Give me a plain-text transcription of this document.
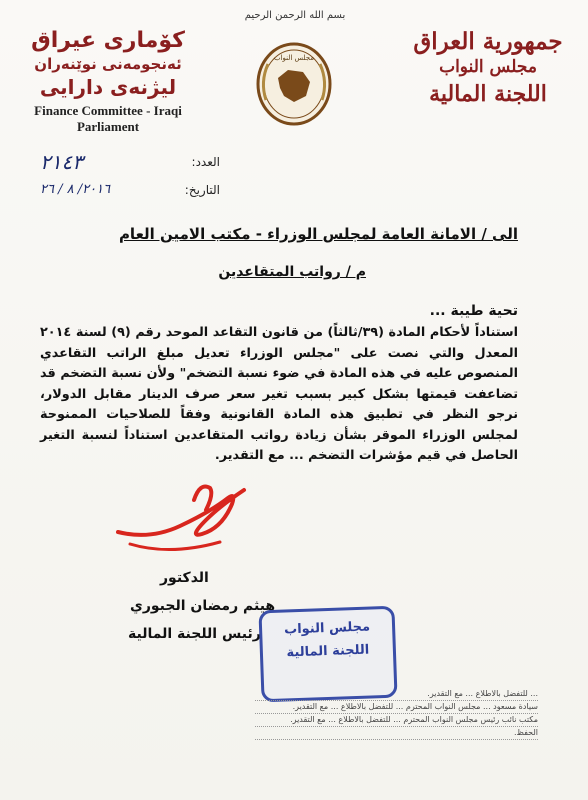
جمهورية العراق
مجلس النواب
اللجنة المالية
بسم الله الرحمن الرحيم
مجلس النواب
کۆماری عیراق
ئەنجومەنی نوێنەران
لیژنەی دارایی
Finance Committee - Iraqi
Parliament
٢١٤٣	العدد:
٢٠١٦/ ٨ / ٢٦	التاريخ:
الى / الامانة العامة لمجلس الوزراء - مكتب الامين العام
م / رواتب المتقاعدين
تحية طيبة ...
استناداً لأحكام المادة (٣٩/ثالثاً) من قانون التقاعد الموحد رقم (٩) لسنة ٢٠١٤ المعدل والتي نصت على "مجلس الوزراء تعديل مبلغ الراتب التقاعدي المنصوص عليه في هذه المادة في ضوء نسبة التضخم" ولأن نسبة التضخم قد تضاعفت قيمتها بشكل كبير بسبب تغير سعر صرف الدينار مقابل الدولار، نرجو النظر في تطبيق هذه المادة القانونية وفقاً للصلاحيات الممنوحة لمجلس الوزراء الموقر بشأن زيادة رواتب المتقاعدين استناداً لنسبة التغير الحاصل في قيم مؤشرات التضخم ... مع التقدير.
الدكتور
هيثم رمضان الجبوري
رئيس اللجنة المالية	مجلس النواب
اللجنة المالية
... للتفضل بالاطلاع ... مع التقدير.
سيادة مسعود ... مجلس النواب المحترم ... للتفضل بالاطلاع ... مع التقدير.
مكتب نائب رئيس مجلس النواب المحترم ... للتفضل بالاطلاع ... مع التقدير.
الحفظ.
